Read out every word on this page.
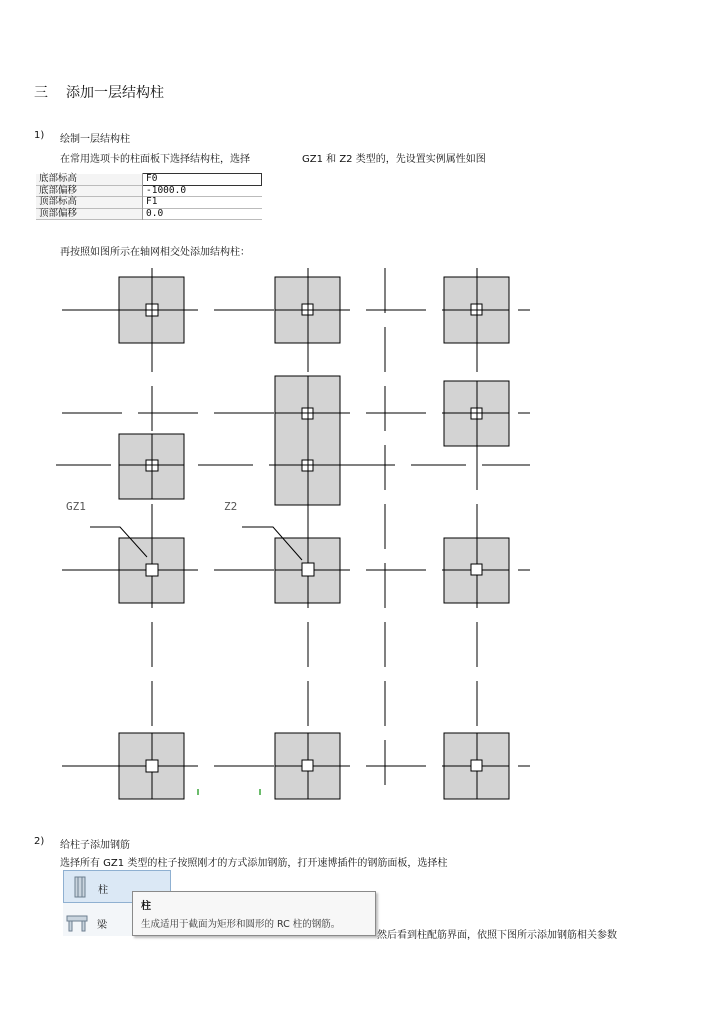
三 添加一层结构柱
1) 绘制一层结构柱
在常用选项卡的柱面板下选择结构柱，选择	GZ1 和 Z2 类型的，先设置实例属性如图
底部标高	F0
底部偏移	-1000.0
顶部标高	F1
顶部偏移	0.0
再按照如图所示在轴网相交处添加结构柱：
GZ1	Z2
2) 给柱子添加钢筋
选择所有 GZ1 类型的柱子按照刚才的方式添加钢筋，打开速博插件的钢筋面板，选择柱
柱
梁
柱
生成适用于截面为矩形和圆形的 RC 柱的钢筋。
然后看到柱配筋界面，依照下图所示添加钢筋相关参数
